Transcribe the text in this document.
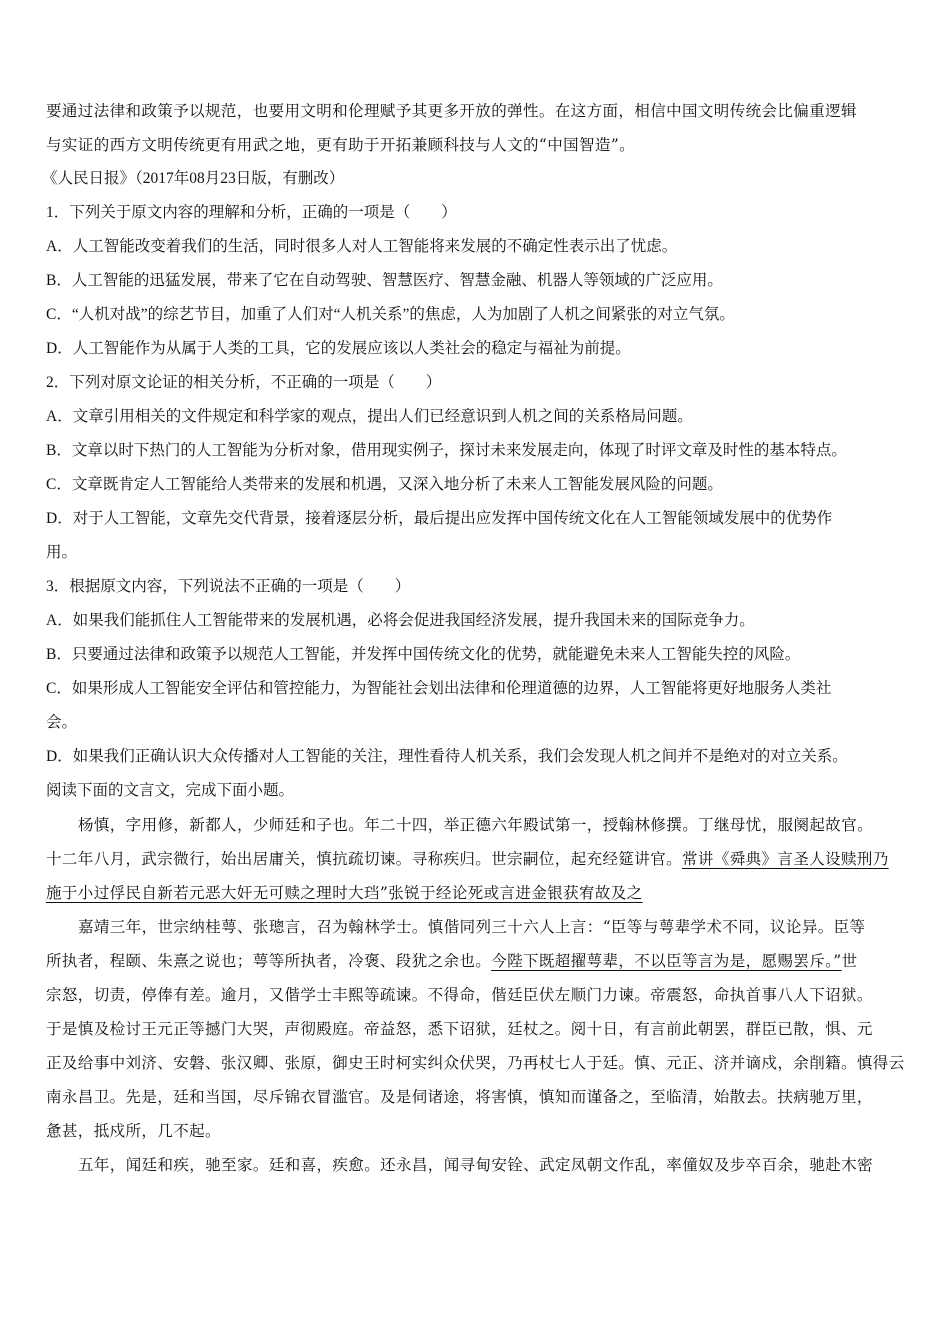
要通过法律和政策予以规范，也要用文明和伦理赋予其更多开放的弹性。在这方面，相信中国文明传统会比偏重逻辑
与实证的西方文明传统更有用武之地，更有助于开拓兼顾科技与人文的“中国智造”。
《人民日报》（2017年08月23日版，有删改）
1．下列关于原文内容的理解和分析，正确的一项是（　　）
A．人工智能改变着我们的生活，同时很多人对人工智能将来发展的不确定性表示出了忧虑。
B．人工智能的迅猛发展，带来了它在自动驾驶、智慧医疗、智慧金融、机器人等领域的广泛应用。
C．“人机对战”的综艺节目，加重了人们对“人机关系”的焦虑，人为加剧了人机之间紧张的对立气氛。
D．人工智能作为从属于人类的工具，它的发展应该以人类社会的稳定与福祉为前提。
2．下列对原文论证的相关分析，不正确的一项是（　　）
A．文章引用相关的文件规定和科学家的观点，提出人们已经意识到人机之间的关系格局问题。
B．文章以时下热门的人工智能为分析对象，借用现实例子，探讨未来发展走向，体现了时评文章及时性的基本特点。
C．文章既肯定人工智能给人类带来的发展和机遇，又深入地分析了未来人工智能发展风险的问题。
D．对于人工智能，文章先交代背景，接着逐层分析，最后提出应发挥中国传统文化在人工智能领域发展中的优势作
用。
3．根据原文内容，下列说法不正确的一项是（　　）
A．如果我们能抓住人工智能带来的发展机遇，必将会促进我国经济发展，提升我国未来的国际竞争力。
B．只要通过法律和政策予以规范人工智能，并发挥中国传统文化的优势，就能避免未来人工智能失控的风险。
C．如果形成人工智能安全评估和管控能力，为智能社会划出法律和伦理道德的边界，人工智能将更好地服务人类社
会。
D．如果我们正确认识大众传播对人工智能的关注，理性看待人机关系，我们会发现人机之间并不是绝对的对立关系。
阅读下面的文言文，完成下面小题。
杨慎，字用修，新都人，少师廷和子也。年二十四，举正德六年殿试第一，授翰林修撰。丁继母忧，服阕起故官。
十二年八月，武宗微行，始出居庸关，慎抗疏切谏。寻称疾归。世宗嗣位，起充经筵讲官。常讲《舜典》言圣人设赎刑乃
施于小过俘民自新若元恶大奸无可赎之理时大珰”张锐于经论死或言进金银获宥故及之
嘉靖三年，世宗纳桂萼、张璁言，召为翰林学士。慎偕同列三十六人上言：“臣等与萼辈学术不同，议论异。臣等
所执者，程颐、朱熹之说也；萼等所执者，冷褒、段犹之余也。今陛下既超擢萼辈，不以臣等言为是，愿赐罢斥。”世
宗怒，切责，停俸有差。逾月，又偕学士丰熙等疏谏。不得命，偕廷臣伏左顺门力谏。帝震怒，命执首事八人下诏狱。
于是慎及检讨王元正等撼门大哭，声彻殿庭。帝益怒，悉下诏狱，廷杖之。阅十日，有言前此朝罢，群臣已散，惧、元
正及给事中刘济、安磐、张汉卿、张原，御史王时柯实纠众伏哭，乃再杖七人于廷。慎、元正、济并谪戍，余削籍。慎得云
南永昌卫。先是，廷和当国，尽斥锦衣冒滥官。及是伺诸途，将害慎，慎知而谨备之，至临清，始散去。扶病驰万里，
惫甚，抵戍所，几不起。
五年，闻廷和疾，驰至家。廷和喜，疾愈。还永昌，闻寻甸安铨、武定凤朝文作乱，率僮奴及步卒百余，驰赴木密
